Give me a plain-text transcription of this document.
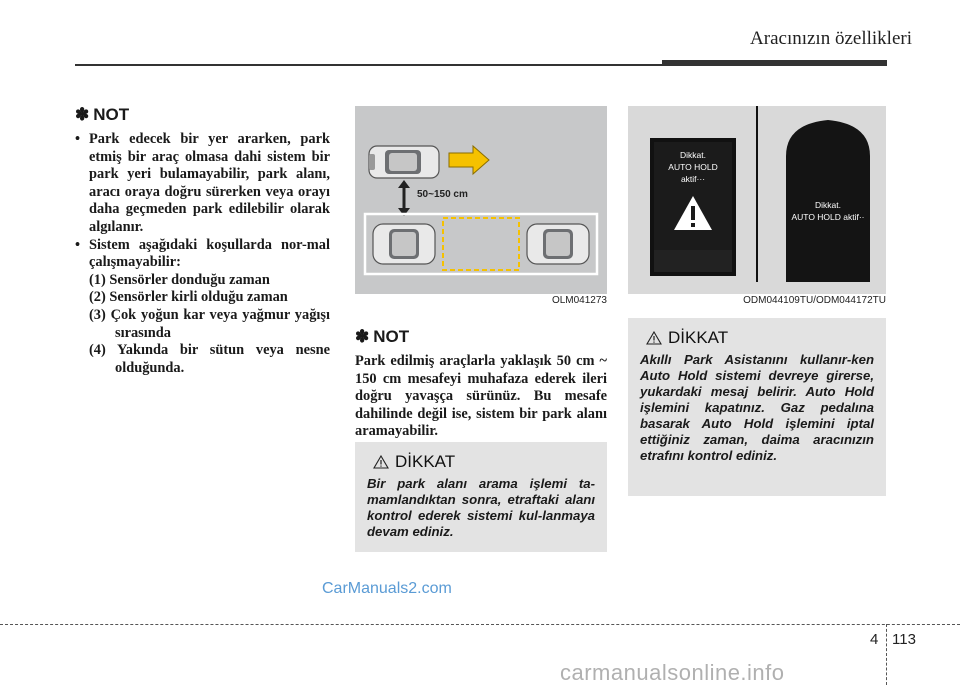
Aracınızın özellikleri
✽ NOT
• Park edecek bir yer ararken, park etmiş bir araç olmasa dahi sistem bir park yeri bulamayabilir, park alanı, aracı oraya doğru sürerken veya orayı daha geçmeden park edilebilir olarak algılanır.
• Sistem aşağıdaki koşullarda nor-mal çalışmayabilir:
(1) Sensörler donduğu zaman
(2) Sensörler kirli olduğu zaman
(3) Çok yoğun kar veya yağmur yağışı sırasında
(4) Yakında bir sütun veya nesne olduğunda.
50~150 cm
OLM041273
Dikkat.
AUTO HOLD
aktif···
Dikkat.
AUTO HOLD aktif··
ODM044109TU/ODM044172TU
✽ NOT

Park edilmiş araçlarla yaklaşık 50 cm ~ 150 cm mesafeyi muhafaza ederek ileri doğru yavaşça sürünüz. Bu mesafe dahilinde değil ise, sistem bir park alanı aramayabilir.

DİKKAT
Bir park alanı arama işlemi ta-mamlandıktan sonra, etraftaki alanı kontrol ederek sistemi kul-lanmaya devam ediniz.
DİKKAT
Akıllı Park Asistanını kullanır-ken Auto Hold sistemi devreye girerse, yukardaki mesaj belirir. Auto Hold işlemini kapatınız. Gaz pedalına basarak Auto Hold işlemini iptal ettiğiniz zaman, daima aracınızın etrafını kontrol ediniz.
CarManuals2.com
4 113
carmanualsonline.info
